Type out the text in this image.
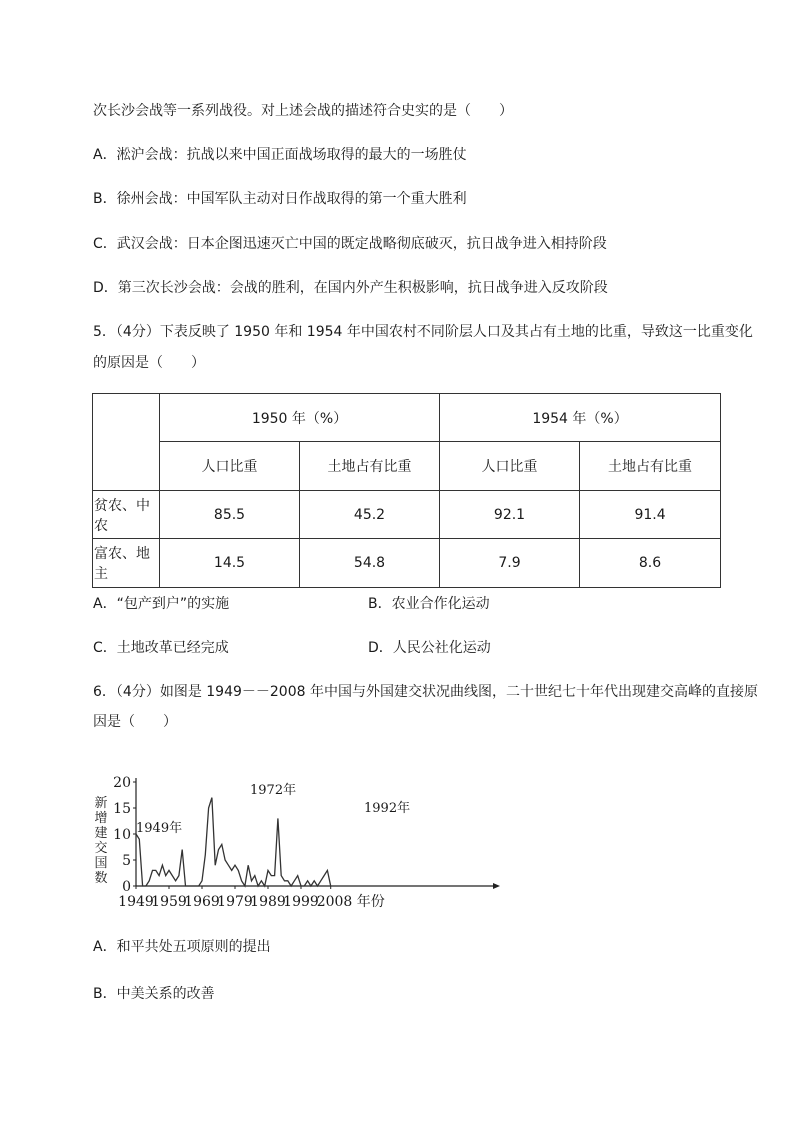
次长沙会战等一系列战役。对上述会战的描述符合史实的是（　　）
A．淞沪会战：抗战以来中国正面战场取得的最大的一场胜仗
B．徐州会战：中国军队主动对日作战取得的第一个重大胜利
C．武汉会战：日本企图迅速灭亡中国的既定战略彻底破灭，抗日战争进入相持阶段
D．第三次长沙会战：会战的胜利，在国内外产生积极影响，抗日战争进入反攻阶段
5．（4分）下表反映了 1950 年和 1954 年中国农村不同阶层人口及其占有土地的比重，导致这一比重变化
的原因是（　　）
	1950 年（%）		1954 年（%）	
	人口比重	土地占有比重	人口比重	土地占有比重
贫农、中农	85.5	45.2	92.1	91.4
富农、地主	14.5	54.8	7.9	8.6
A．“包产到户”的实施	B．农业合作化运动
C．土地改革已经完成	D．人民公社化运动
6．（4分）如图是 1949－－2008 年中国与外国建交状况曲线图，二十世纪七十年代出现建交高峰的直接原
因是（　　）
0
5
10
15
20
1949
1959
1969
1979
1989
1999
2008 年份
新
增
建
交
国
数
1949年
1972年
1992年
A．和平共处五项原则的提出
B．中美关系的改善
